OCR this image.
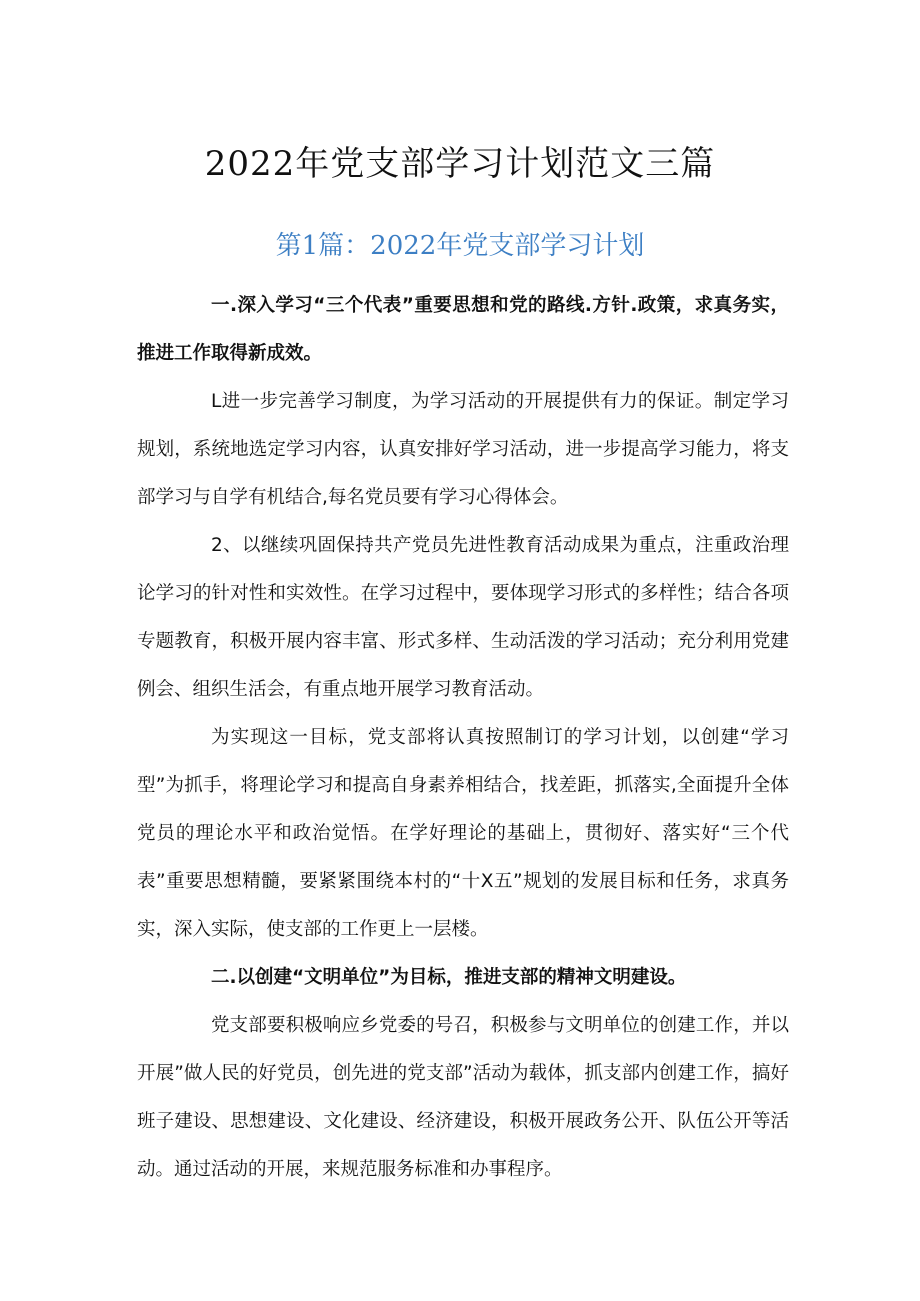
2022年党支部学习计划范文三篇
第1篇：2022年党支部学习计划

一.深入学习“三个代表”重要思想和党的路线.方针.政策，求真务实，推进工作取得新成效。

L进一步完善学习制度，为学习活动的开展提供有力的保证。制定学习规划，系统地选定学习内容，认真安排好学习活动，进一步提高学习能力，将支部学习与自学有机结合,每名党员要有学习心得体会。

2、以继续巩固保持共产党员先进性教育活动成果为重点，注重政治理论学习的针对性和实效性。在学习过程中，要体现学习形式的多样性；结合各项专题教育，积极开展内容丰富、形式多样、生动活泼的学习活动；充分利用党建例会、组织生活会，有重点地开展学习教育活动。

为实现这一目标，党支部将认真按照制订的学习计划，以创建“学习型”为抓手，将理论学习和提高自身素养相结合，找差距，抓落实,全面提升全体党员的理论水平和政治觉悟。在学好理论的基础上，贯彻好、落实好“三个代表”重要思想精髓，要紧紧围绕本村的“十X五”规划的发展目标和任务，求真务实，深入实际，使支部的工作更上一层楼。

二.以创建“文明单位”为目标，推进支部的精神文明建设。

党支部要积极响应乡党委的号召，积极参与文明单位的创建工作，并以开展”做人民的好党员，创先进的党支部”活动为载体，抓支部内创建工作，搞好班子建设、思想建设、文化建设、经济建设，积极开展政务公开、队伍公开等活动。通过活动的开展，来规范服务标准和办事程序。
